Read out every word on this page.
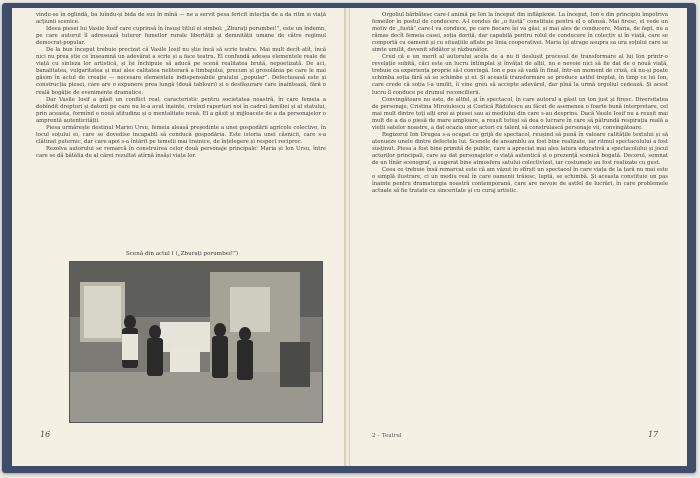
vindu-se în oglindă, ba luîndu-și bida de sus în mînă — ne a servit pesa fericit intecția de a da ritm si viață acțiunii scenice.

Ideea piesei lui Vasile Iosif care cuprinsă în însuși titlul ei simbol: „Zburați porumbei!”, este un îndemn, pe care autorul îl adresează tuturor femeilor rurale libertății și demnității umane de către regimul democrat-popular.

De la bun început trebuie precizat că Vasile Iosif nu știe încă să scrie teatru. Mai mult decît atît, încă nici nu prea știe ce înseamnă un adevărat a scrie și a face teatru. El confundă adesea elementele reale de viață cu sinteza lor artistică, și își închipuie să aducă pe scenă realitatea brută, nepoetizată. De aci, banalitatea, vulgaritatea și mai ales calitatea neliterară a limbajului, precum și grosolănia pe care le mai găsim în actul de creație — necesare elementele indispensabile graiului „popular”. Defectuoasă este și construcția piesei, care are o expunere prea lungă (două tablouri) și o desfășurare care înaintează, fără o reală bogăție de evenimente dramatice.

Dar Vasile Iosif a găsit un conflict real, caracteristic pentru societatea noastră, în care femeia a dobîndit drepturi și datorii pe care nu le-a avut înainte, creînd raporturi noi în cadrul familiei și al statului, prin aceasta, formînd o nouă atitudine și o mentalitate nouă. El a găsit și mijloacele de a da personajelor o amprentă autenticității.

Piesa urmărește destinul Mariei Ursu, femeia aleasă președinte a unei gospodării agricole colective, în locul soțului ei, care se dovedise incapabil să conducă gospodăria. Este istoria unei căsnicii, care s-a clătinat puternic, dar care apoi s-a întărit pe temelii mai trainice, de înțelegere și respect reciproc.

Rezolva autorului se remarcă în construirea celor două personaje principale: Maria și Ion Ursu, între care se dă bătălia de al cărei rezultat atîrnă însăși viața lor.

Scenă din actul I („Zburați porumbei!”)
16

Orgoliul bărbătesc care-l animă pe Ion la început din inflăplexie. La început, Ion e din principiu împotriva femeilor în postul de conducere. A-l condus de „o fustă” constituie pentru el o ofensă. Mai firesc, el vede un motiv de „fustă” care-l va conduce, pe care fiecare își va găsi, și mai ales de conducere, Maria, de fapt, nu a rămas decît femeia casei, soția dorită, dar capabilă pentru rolul de conducere în colectiv și în viață, care se comportă cu oamenii și cu situațiile aflate pe linia cooperativei. Maria își atrage asupra sa ura soțului care se simte umilit, devenit sfidător și răzbunător.

Cred că e un merit al autorului acela de a nu fi deslușit procesul de transformare al lui Ion printr-o revelație subită, căci este un lucru întîmplat și învățat de alții, nu e nevoie nici să fie dat de o nouă viață, trebuie ca experiența proprie să-l convingă. Ion e pus să vadă în final, într-un moment de criză, că nu-și poate schimba soția fără să se schimbe și el. Și această transformare se produce astfel treptat, în timp ce lui Ion, care crede că soția l-a umilit, îi vine greu să accepte adevărul, dar pînă la urmă orgoliul cedează. Și acest lucru îl conduce pe drumul reconcilierii.

Convingătoare nu este, de altfel, și în spectacol, în care autorul a găsit un ton just și firesc. Diversitatea de personaje, Cristina Miroiulescu și Costică Rădulescu au făcut de asemenea o foarte bună interpretare, cel mai mult dintre toți alți eroi ai piesei sau ai mediului din care s-au desprins. Dacă Vasile Iosif nu a reușit mai mult de a da o piesă de mare amploare, a reușit totuși să dea o lucrare în care să pătrundă respirația reală a vieții satelor noastre, a dat ocazia unor actori cu talent să construiască personaje vii, convingătoare.

Regizorul Ion Drugea s-a ocupat cu grijă de spectacol, reușind să pună în valoare calitățile textului și să atenueze unele dintre defectele lui. Scenele de ansamblu au fost bine realizate, iar ritmul spectacolului a fost susținut. Piesa a fost bine primită de public, care a apreciat mai ales latura educativă a spectacolului și jocul actorilor principali, care au dat personajelor o viață autentică și o prezență scenică bogată. Decorul, semnat de un tînăr scenograf, a sugerat bine atmosfera satului colectivizat, iar costumele au fost realizate cu gust.

Ceea ce trebuie însă remarcat este că am văzut în sfîrșit un spectacol în care viața de la țară nu mai este o simplă ilustrare, ci un mediu real în care oamenii trăiesc, luptă, se schimbă. Și aceasta constituie un pas înainte pentru dramaturgia noastră contemporană, care are nevoie de astfel de lucrări, în care problemele actuale să fie tratate cu sinceritate și cu curaj artistic.

2 – Teatrul	17
